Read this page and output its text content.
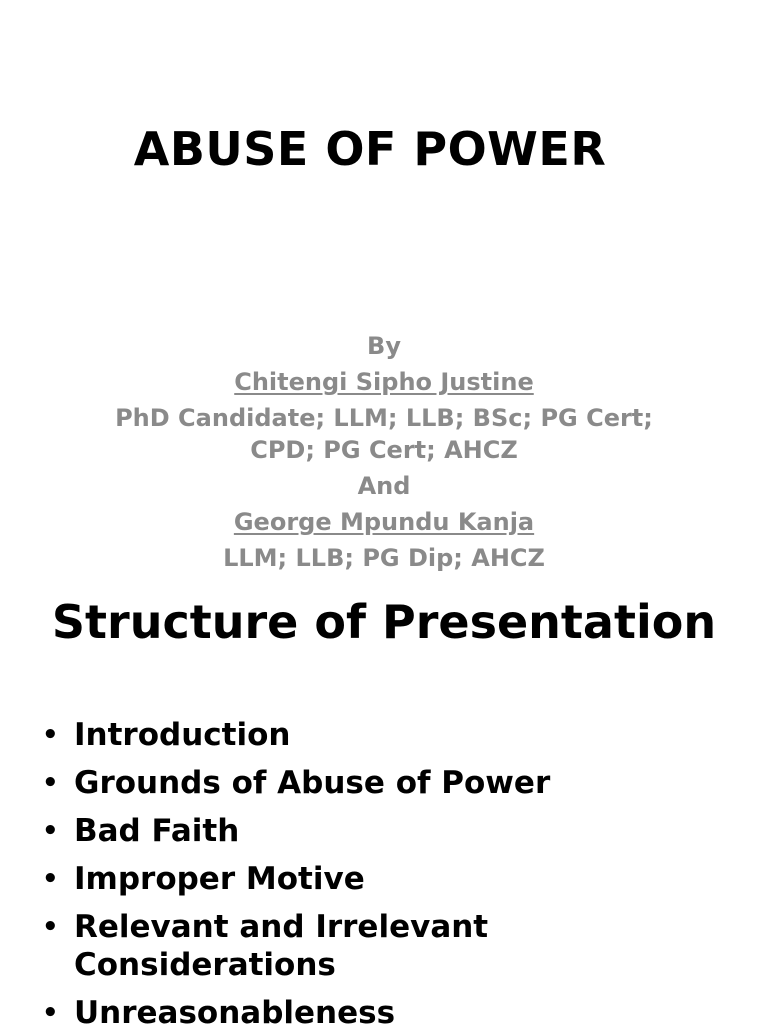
ABUSE OF POWER
By
Chitengi Sipho Justine
PhD Candidate; LLM; LLB; BSc; PG Cert; CPD; PG Cert; AHCZ
And
George Mpundu Kanja
LLM; LLB; PG Dip; AHCZ
Structure of Presentation
• Introduction
• Grounds of Abuse of Power
• Bad Faith
• Improper Motive
• Relevant and Irrelevant Considerations
• Unreasonableness
